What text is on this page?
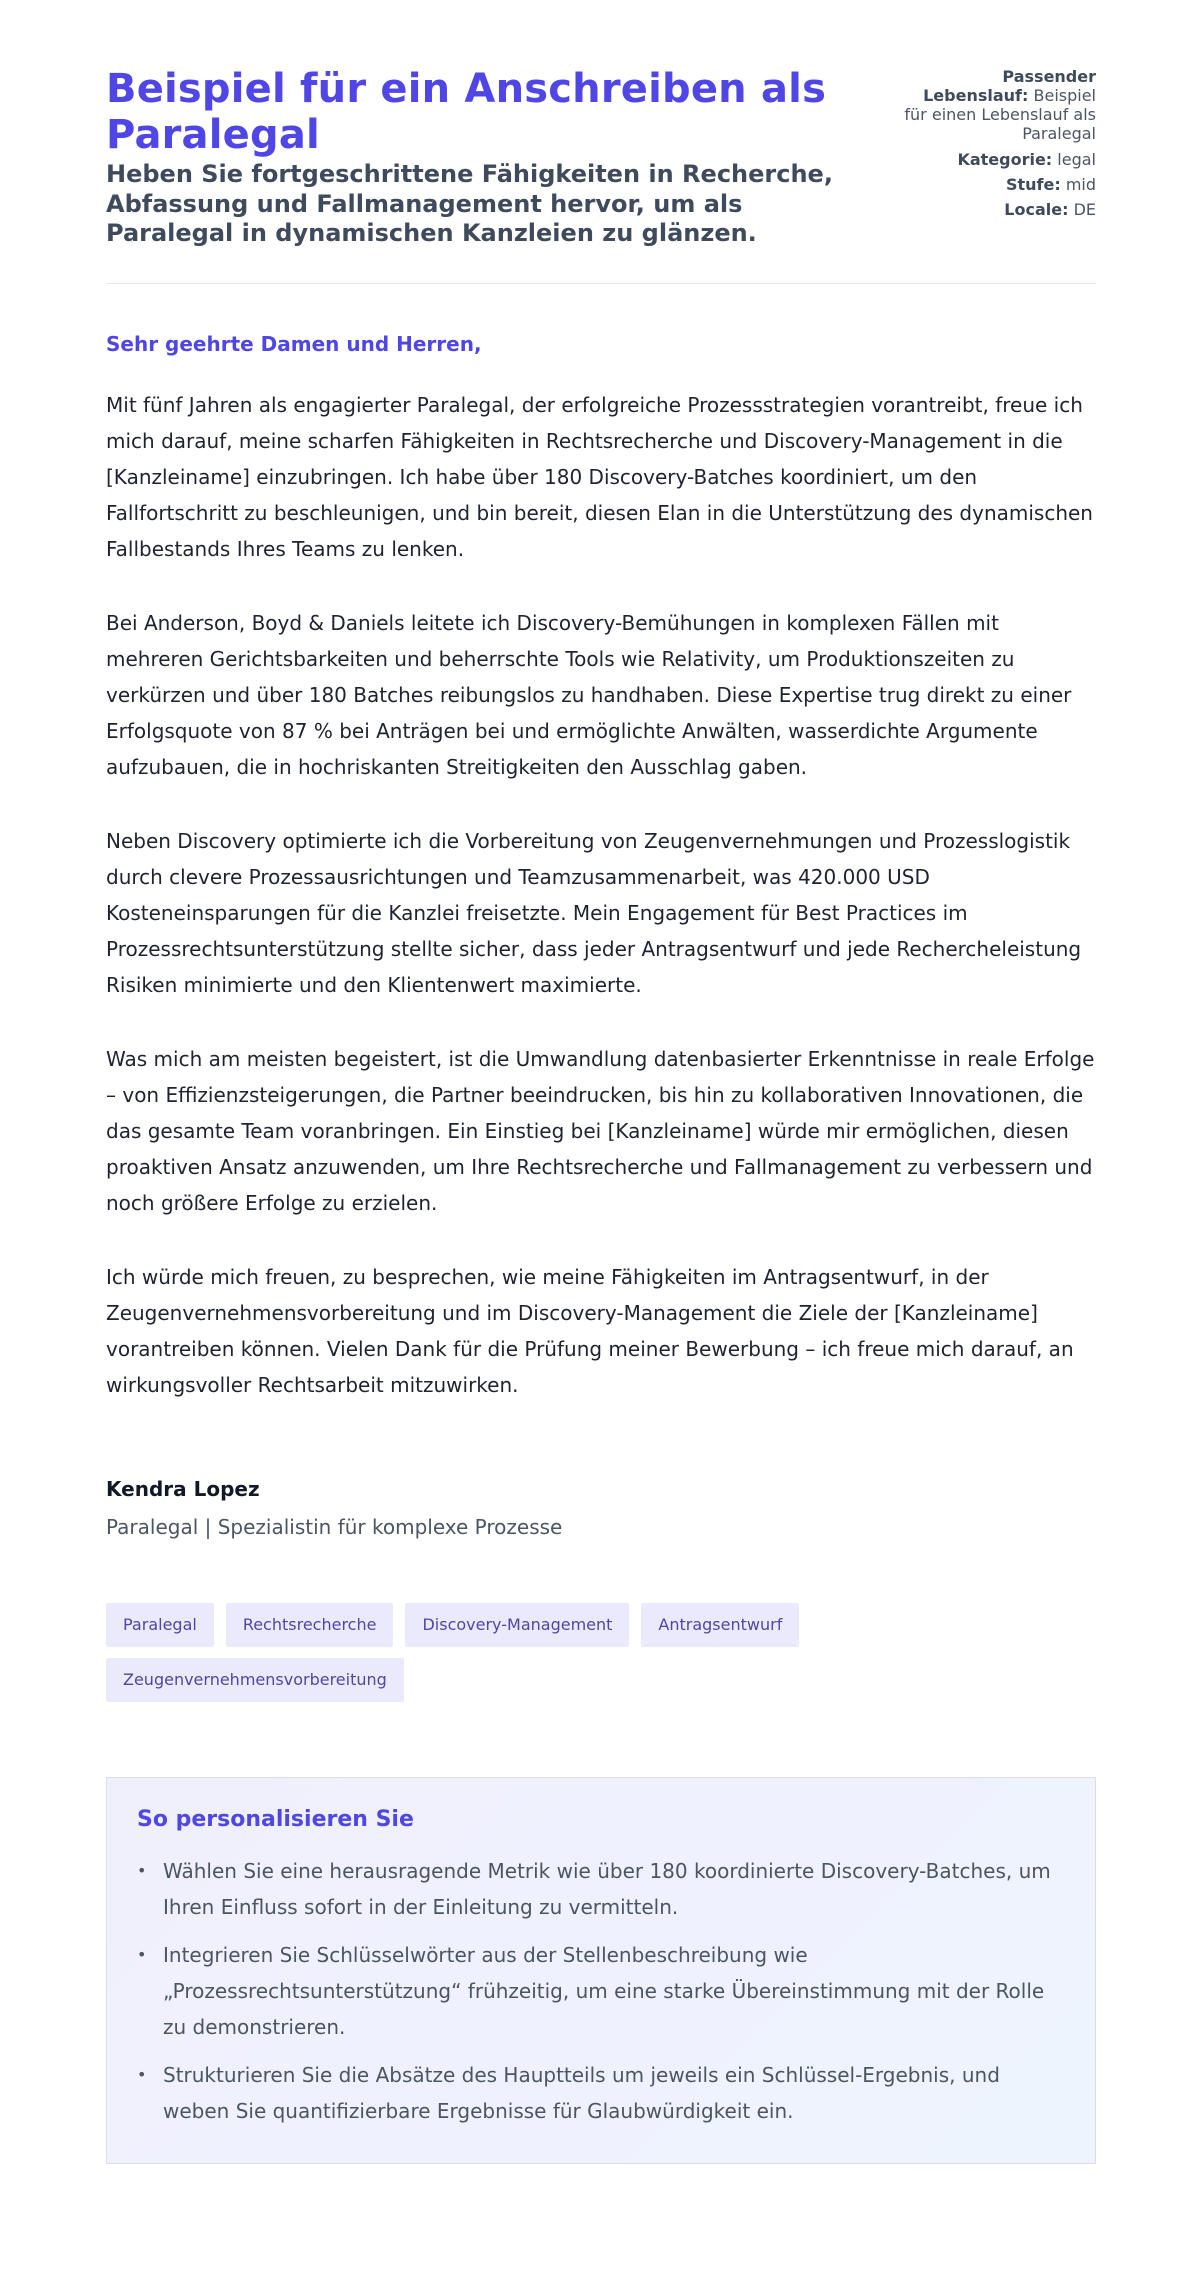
Beispiel für ein Anschreiben als Paralegal
Heben Sie fortgeschrittene Fähigkeiten in Recherche, Abfassung und Fallmanagement hervor, um als Paralegal in dynamischen Kanzleien zu glänzen.
Passender Lebenslauf: Beispiel für einen Lebenslauf als Paralegal
Kategorie: legal
Stufe: mid
Locale: DE

Sehr geehrte Damen und Herren,

Mit fünf Jahren als engagierter Paralegal, der erfolgreiche Prozessstrategien vorantreibt, freue ich mich darauf, meine scharfen Fähigkeiten in Rechtsrecherche und Discovery-Management in die [Kanzleiname] einzubringen. Ich habe über 180 Discovery-Batches koordiniert, um den Fallfortschritt zu beschleunigen, und bin bereit, diesen Elan in die Unterstützung des dynamischen Fallbestands Ihres Teams zu lenken.

Bei Anderson, Boyd & Daniels leitete ich Discovery-Bemühungen in komplexen Fällen mit mehreren Gerichtsbarkeiten und beherrschte Tools wie Relativity, um Produktionszeiten zu verkürzen und über 180 Batches reibungslos zu handhaben. Diese Expertise trug direkt zu einer Erfolgsquote von 87 % bei Anträgen bei und ermöglichte Anwälten, wasserdichte Argumente aufzubauen, die in hochriskanten Streitigkeiten den Ausschlag gaben.

Neben Discovery optimierte ich die Vorbereitung von Zeugenvernehmungen und Prozesslogistik durch clevere Prozessausrichtungen und Teamzusammenarbeit, was 420.000 USD Kosteneinsparungen für die Kanzlei freisetzte. Mein Engagement für Best Practices im Prozessrechtsunterstützung stellte sicher, dass jeder Antragsentwurf und jede Rechercheleistung Risiken minimierte und den Klientenwert maximierte.

Was mich am meisten begeistert, ist die Umwandlung datenbasierter Erkenntnisse in reale Erfolge – von Effizienzsteigerungen, die Partner beeindrucken, bis hin zu kollaborativen Innovationen, die das gesamte Team voranbringen. Ein Einstieg bei [Kanzleiname] würde mir ermöglichen, diesen proaktiven Ansatz anzuwenden, um Ihre Rechtsrecherche und Fallmanagement zu verbessern und noch größere Erfolge zu erzielen.

Ich würde mich freuen, zu besprechen, wie meine Fähigkeiten im Antragsentwurf, in der Zeugenvernehmensvorbereitung und im Discovery-Management die Ziele der [Kanzleiname] vorantreiben können. Vielen Dank für die Prüfung meiner Bewerbung – ich freue mich darauf, an wirkungsvoller Rechtsarbeit mitzuwirken.

Kendra Lopez

Paralegal | Spezialistin für komplexe Prozesse

Paralegal	Rechtsrecherche	Discovery-Management	Antragsentwurf
Zeugenvernehmensvorbereitung
So personalisieren Sie
• Wählen Sie eine herausragende Metrik wie über 180 koordinierte Discovery-Batches, um Ihren Einfluss sofort in der Einleitung zu vermitteln.
• Integrieren Sie Schlüsselwörter aus der Stellenbeschreibung wie „Prozessrechtsunterstützung“ frühzeitig, um eine starke Übereinstimmung mit der Rolle zu demonstrieren.
• Strukturieren Sie die Absätze des Hauptteils um jeweils ein Schlüssel-Ergebnis, und weben Sie quantifizierbare Ergebnisse für Glaubwürdigkeit ein.
